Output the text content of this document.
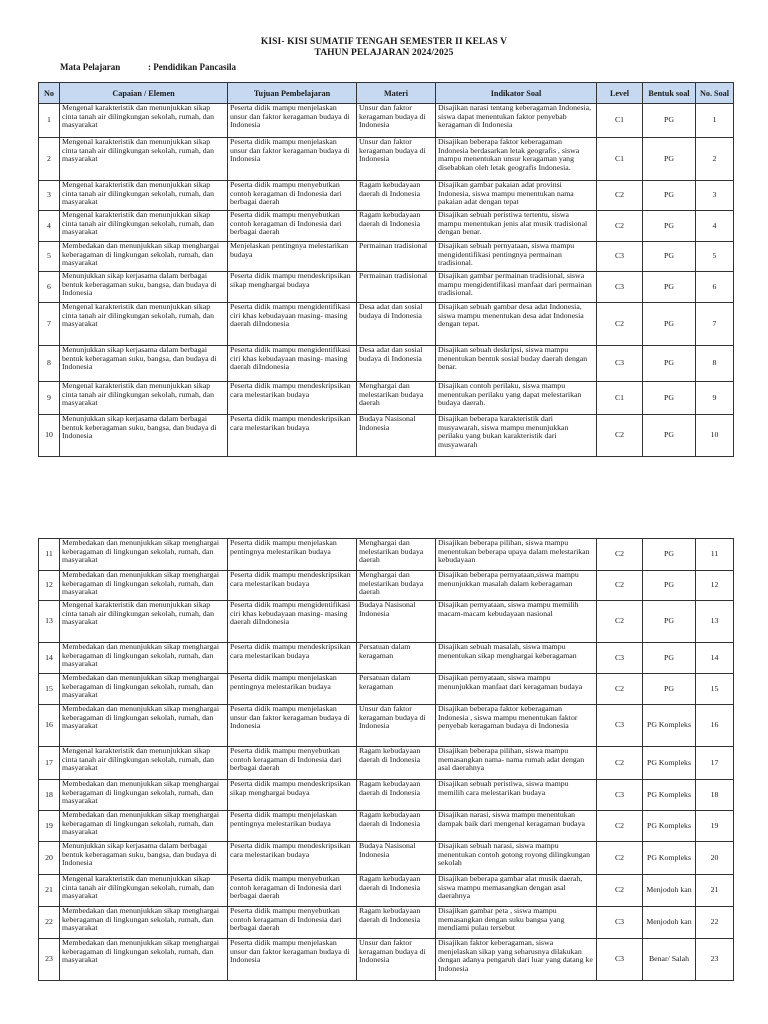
KISI- KISI SUMATIF TENGAH SEMESTER II KELAS V
TAHUN PELAJARAN 2024/2025
Mata Pelajaran	: Pendidikan Pancasila
No	Capaian / Elemen	Tujuan Pembelajaran	Materi	Indikator Soal	Level	Bentuk soal	No. Soal
1	Mengenal karakteristik dan menunjukkan sikap cinta tanah air dilingkungan sekolah, rumah, dan masyarakat	Peserta didik mampu menjelaskan unsur dan faktor keragaman budaya di Indonesia	Unsur dan faktor keragaman budaya di Indonesia	Disajikan narasi tentang keberagaman Indonesia, siswa dapat menentukan faktor penyebab keragaman di Indonesia	C1	PG	1
2	Mengenal karakteristik dan menunjukkan sikap cinta tanah air dilingkungan sekolah, rumah, dan masyarakat	Peserta didik mampu menjelaskan unsur dan faktor keragaman budaya di Indonesia	Unsur dan faktor keragaman budaya di Indonesia	Disajikan beberapa faktor keberagaman Indonesia berdasarkan letak geografis , siswa mampu menentukan unsur keragaman yang disebabkan oleh letak geografis Indonesia.	C1	PG	2
3	Mengenal karakteristik dan menunjukkan sikap cinta tanah air dilingkungan sekolah, rumah, dan masyarakat	Peserta didik mampu menyebutkan contoh keragaman di Indonesia dari berbagai daerah	Ragam kebudayaan daerah di Indonesia	Disajikan gambar pakaian adat provinsi Indonesia, siswa mampu menentukan nama pakaian adat dengan tepat	C2	PG	3
4	Mengenal karakteristik dan menunjukkan sikap cinta tanah air dilingkungan sekolah, rumah, dan masyarakat	Peserta didik mampu menyebutkan contoh keragaman di Indonesia dari berbagai daerah	Ragam kebudayaan daerah di Indonesia	Disajikan sebuah peristiwa tertentu, siswa mampu menentukan jenis alat musik tradisional dengan benar.	C2	PG	4
5	Membedakan dan menunjukkan sikap menghargai keberagaman di lingkungan sekolah, rumah, dan masyarakat	Menjelaskan pentingnya melestarikan budaya	Permainan tradisional	Disajikan sebuah pernyataan, siswa mampu mengidentifikasi pentingnya permainan tradisional.	C3	PG	5
6	Menunjukkan sikap kerjasama dalam berbagai bentuk keberagaman suku, bangsa, dan budaya di Indonesia	Peserta didik mampu mendeskripsikan sikap menghargai budaya	Permainan tradisional	Disajikan gambar permainan tradisional, siswa mampu mengidentifikasi manfaat dari permainan tradisional.	C3	PG	6
7	Mengenal karakteristik dan menunjukkan sikap cinta tanah air dilingkungan sekolah, rumah, dan masyarakat	Peserta didik mampu mengidentifikasi ciri khas kebudayaan masing- masing daerah diIndonesia	Desa adat dan sosial budaya di Indonesia	Disajikan sebuah gambar desa adat Indonesia, siswa mampu menentukan desa adat Indonesia dengan tepat.	C2	PG	7
8	Menunjukkan sikap kerjasama dalam berbagai bentuk keberagaman suku, bangsa, dan budaya di Indonesia	Peserta didik mampu mengidentifikasi ciri khas kebudayaan masing- masing daerah diIndonesia	Desa adat dan sosial budaya di Indonesia	Disajikan sebuah deskripsi, siswa mampu menentukan bentuk sosial buday daerah dengan benar.	C3	PG	8
9	Mengenal karakteristik dan menunjukkan sikap cinta tanah air dilingkungan sekolah, rumah, dan masyarakat	Peserta didik mampu mendeskripsikan cara melestarikan budaya	Menghargai dan melestarikan budaya daerah	Disajikan contoh perilaku, siswa mampu menentukan perilaku yang dapat melestarikan budaya daerah.	C1	PG	9
10	Menunjukkan sikap kerjasama dalam berbagai bentuk keberagaman suku, bangsa, dan budaya di Indonesia	Peserta didik mampu mendeskripsikan cara melestarikan budaya	Budaya Nasisonal Indonesia	Disajikan beberapa karakteristik dari musyawarah, siswa mampu menunjukkan perilaku yang bukan karakteristik dari musyawarah	C2	PG	10
11	Membedakan dan menunjukkan sikap menghargai keberagaman di lingkungan sekolah, rumah, dan masyarakat	Peserta didik mampu menjelaskan pentingnya melestarikan budaya	Menghargai dan melestarikan budaya daerah	Disajikan beberapa pilihan, siswa mampu menentukan beberapa upaya dalam melestarikan kebudayaan	C2	PG	11
12	Membedakan dan menunjukkan sikap menghargai keberagaman di lingkungan sekolah, rumah, dan masyarakat	Peserta didik mampu mendeskripsikan cara melestarikan budaya	Menghargai dan melestarikan budaya daerah	Disajikan beberapa pernyataan,siswa mampu menunjukkan masalah dalam keberagaman	C2	PG	12
13	Mengenal karakteristik dan menunjukkan sikap cinta tanah air dilingkungan sekolah, rumah, dan masyarakat	Peserta didik mampu mengidentifikasi ciri khas kebudayaan masing- masing daerah diIndonesia	Budaya Nasisonal Indonesia	Disajikan pernyataan, siswa mampu memilih macam-macam kebudayaan nasional	C2	PG	13
14	Membedakan dan menunjukkan sikap menghargai keberagaman di lingkungan sekolah, rumah, dan masyarakat	Peserta didik mampu mendeskripsikan cara melestarikan budaya	Persatuan dalam keragaman	Disajikan sebuah masalah, siswa mampu menentukan sikap menghargai keberagaman	C3	PG	14
15	Membedakan dan menunjukkan sikap menghargai keberagaman di lingkungan sekolah, rumah, dan masyarakat	Peserta didik mampu menjelaskan pentingnya melestarikan budaya	Persatuan dalam keragaman	Disajikan pernyataan, siswa mampu menunjukkan manfaat dari keragaman budaya	C2	PG	15
16	Membedakan dan menunjukkan sikap menghargai keberagaman di lingkungan sekolah, rumah, dan masyarakat	Peserta didik mampu menjelaskan unsur dan faktor keragaman budaya di Indonesia	Unsur dan faktor keragaman budaya di Indonesia	Disajikan beberapa faktor keberagaman Indonesia , siswa mampu menentukan faktor penyebab keragaman budaya di Indonesia	C3	PG Kompleks	16
17	Mengenal karakteristik dan menunjukkan sikap cinta tanah air dilingkungan sekolah, rumah, dan masyarakat	Peserta didik mampu menyebutkan contoh keragaman di Indonesia dari berbagai daerah	Ragam kebudayaan daerah di Indonesia	Disajikan beberapa pilihan, siswa mampu memasangkan nama- nama rumah adat dengan asal daerahnya	C2	PG Kompleks	17
18	Membedakan dan menunjukkan sikap menghargai keberagaman di lingkungan sekolah, rumah, dan masyarakat	Peserta didik mampu mendeskripsikan sikap menghargai budaya	Ragam kebudayaan daerah di Indonesia	Disajikan sebuah peristiwa, siswa mampu memilih cara melestarikan budaya	C3	PG Kompleks	18
19	Membedakan dan menunjukkan sikap menghargai keberagaman di lingkungan sekolah, rumah, dan masyarakat	Peserta didik mampu menjelaskan pentingnya melestarikan budaya	Ragam kebudayaan daerah di Indonesia	Disajikan narasi, siswa mampu menentukan dampak baik dari mengenal keragaman budaya	C2	PG Kompleks	19
20	Menunjukkan sikap kerjasama dalam berbagai bentuk keberagaman suku, bangsa, dan budaya di Indonesia	Peserta didik mampu mendeskripsikan cara melestarikan budaya	Budaya Nasisonal Indonesia	Disajikan sebuah narasi, siswa mampu menentukan contoh gotong royong dilingkungan sekolah	C2	PG Kompleks	20
21	Mengenal karakteristik dan menunjukkan sikap cinta tanah air dilingkungan sekolah, rumah, dan masyarakat	Peserta didik mampu menyebutkan contoh keragaman di Indonesia dari berbagai daerah	Ragam kebudayaan daerah di Indonesia	Disajikan beberapa gambar alat musik daerah, siswa mampu memasangkan dengan asal daerahnya	C2	Menjodoh kan	21
22	Membedakan dan menunjukkan sikap menghargai keberagaman di lingkungan sekolah, rumah, dan masyarakat	Peserta didik mampu menyebutkan contoh keragaman di Indonesia dari berbagai daerah	Ragam kebudayaan daerah di Indonesia	Disajikan gambar peta , siswa mampu memasangkan dengan suku bangsa yang mendiami pulau tersebut	C3	Menjodoh kan	22
23	Membedakan dan menunjukkan sikap menghargai keberagaman di lingkungan sekolah, rumah, dan masyarakat	Peserta didik mampu menjelaskan unsur dan faktor keragaman budaya di Indonesia	Unsur dan faktor keragaman budaya di Indonesia	Disajikan faktor keberagaman, siswa menjelaskan sikap yang seharusnya dilakukan dengan adanya pengaruh dari luar yang datang ke Indonesia	C3	Benar/ Salah	23
